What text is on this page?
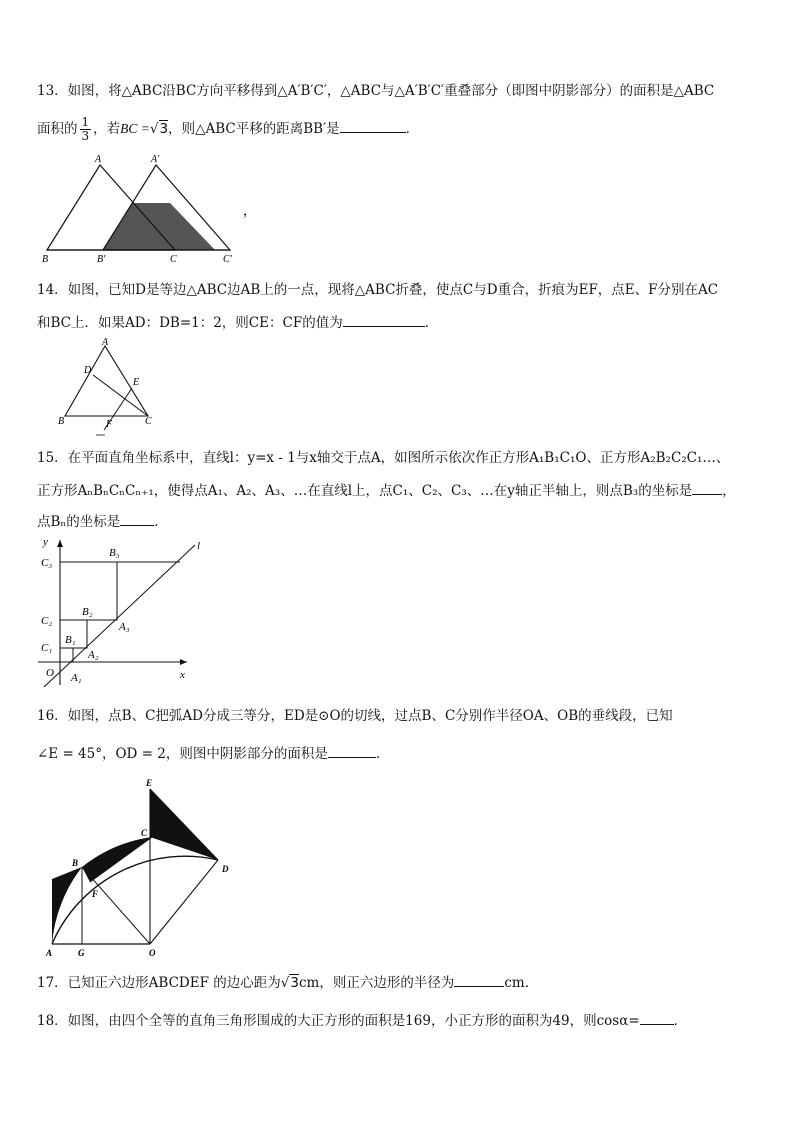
13．如图，将△ABC沿BC方向平移得到△A′B′C′，△ABC与△A′B′C′重叠部分（即图中阴影部分）的面积是△ABC
面积的 $\frac{1}{3}$ ，若BC =√3，则△ABC平移的距离BB′是	．
A	A′
B	B′	C	C′
，
14．如图，已知D是等边△ABC边AB上的一点，现将△ABC折叠，使点C与D重合，折痕为EF，点E、F分别在AC
和BC上．如果AD：DB=1：2，则CE：CF的值为	．
A
B	C
D
E
F
15．在平面直角坐标系中，直线l：y=x - 1与x轴交于点A，如图所示依次作正方形A₁B₁C₁O、正方形A₂B₂C₂C₁…、
正方形AₙBₙCₙCₙ₊₁，使得点A₁、A₂、A₃、…在直线l上，点C₁、C₂、C₃、…在y轴正半轴上，则点B₃的坐标是 ，
点Bₙ的坐标是	．
y
x
O
l
C₃
C₂
C₁
B₃
B₂
B₁
A₃
A₂
A₁
16．如图，点B、C把弧AD分成三等分，ED是⊙O的切线，过点B、C分别作半径OA、OB的垂线段，已知
∠E = 45°，OD = 2，则图中阴影部分的面积是	．
E
C
B
F
D
A	G	O
17．已知正六边形ABCDEF 的边心距为√3cm，则正六边形的半径为	cm.
18．如图，由四个全等的直角三角形围成的大正方形的面积是169，小正方形的面积为49，则cosα=	．
